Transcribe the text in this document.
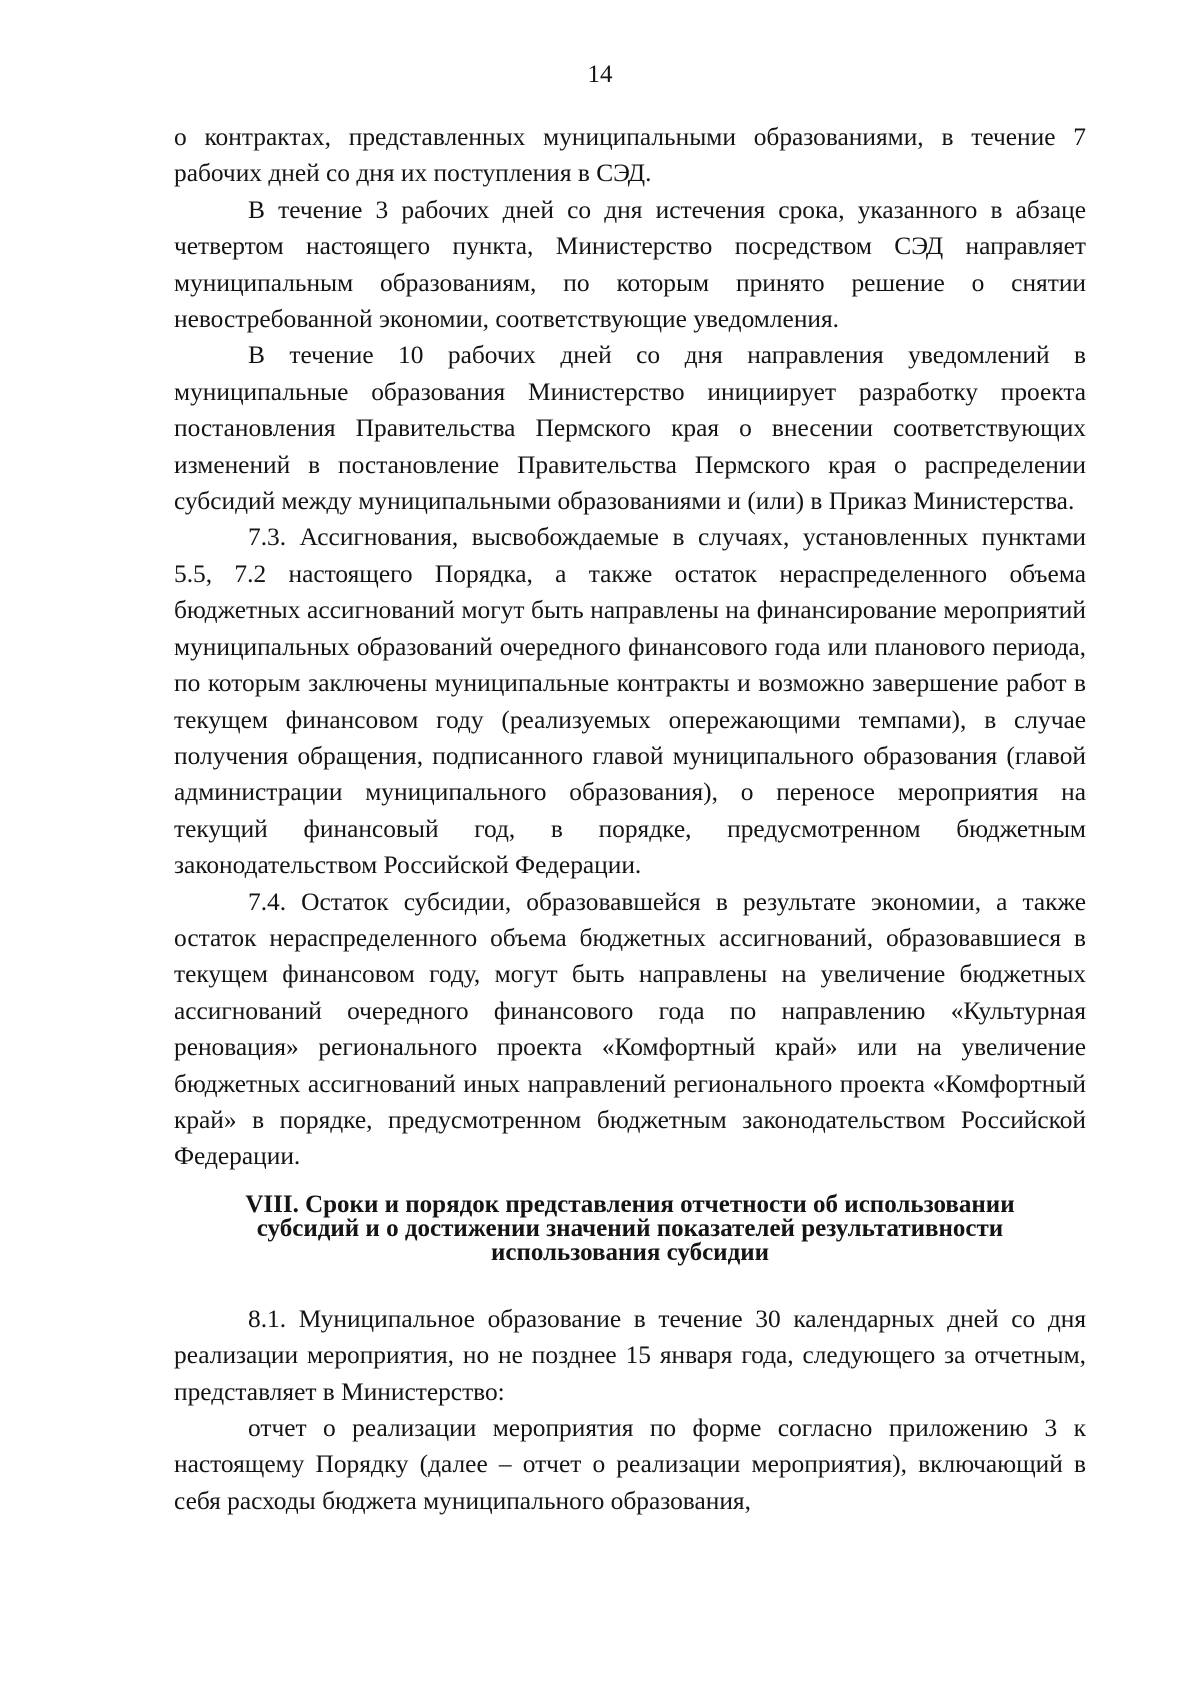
14

о контрактах, представленных муниципальными образованиями, в течение 7 рабочих дней со дня их поступления в СЭД.

В течение 3 рабочих дней со дня истечения срока, указанного в абзаце четвертом настоящего пункта, Министерство посредством СЭД направляет муниципальным образованиям, по которым принято решение о снятии невостребованной экономии, соответствующие уведомления.

В течение 10 рабочих дней со дня направления уведомлений в муниципальные образования Министерство инициирует разработку проекта постановления Правительства Пермского края о внесении соответствующих изменений в постановление Правительства Пермского края о распределении субсидий между муниципальными образованиями и (или) в Приказ Министерства.

7.3. Ассигнования, высвобождаемые в случаях, установленных пунктами 5.5, 7.2 настоящего Порядка, а также остаток нераспределенного объема бюджетных ассигнований могут быть направлены на финансирование мероприятий муниципальных образований очередного финансового года или планового периода, по которым заключены муниципальные контракты и возможно завершение работ в текущем финансовом году (реализуемых опережающими темпами), в случае получения обращения, подписанного главой муниципального образования (главой администрации муниципального образования), о переносе мероприятия на текущий финансовый год, в порядке, предусмотренном бюджетным законодательством Российской Федерации.

7.4. Остаток субсидии, образовавшейся в результате экономии, а также остаток нераспределенного объема бюджетных ассигнований, образовавшиеся в текущем финансовом году, могут быть направлены на увеличение бюджетных ассигнований очередного финансового года по направлению «Культурная реновация» регионального проекта «Комфортный край» или на увеличение бюджетных ассигнований иных направлений регионального проекта «Комфортный край» в порядке, предусмотренном бюджетным законодательством Российской Федерации.

VIII. Сроки и порядок представления отчетности об использовании
субсидий и о достижении значений показателей результативности
использования субсидии

8.1. Муниципальное образование в течение 30 календарных дней со дня реализации мероприятия, но не позднее 15 января года, следующего за отчетным, представляет в Министерство:

отчет о реализации мероприятия по форме согласно приложению 3 к настоящему Порядку (далее – отчет о реализации мероприятия), включающий в себя расходы бюджета муниципального образования,
